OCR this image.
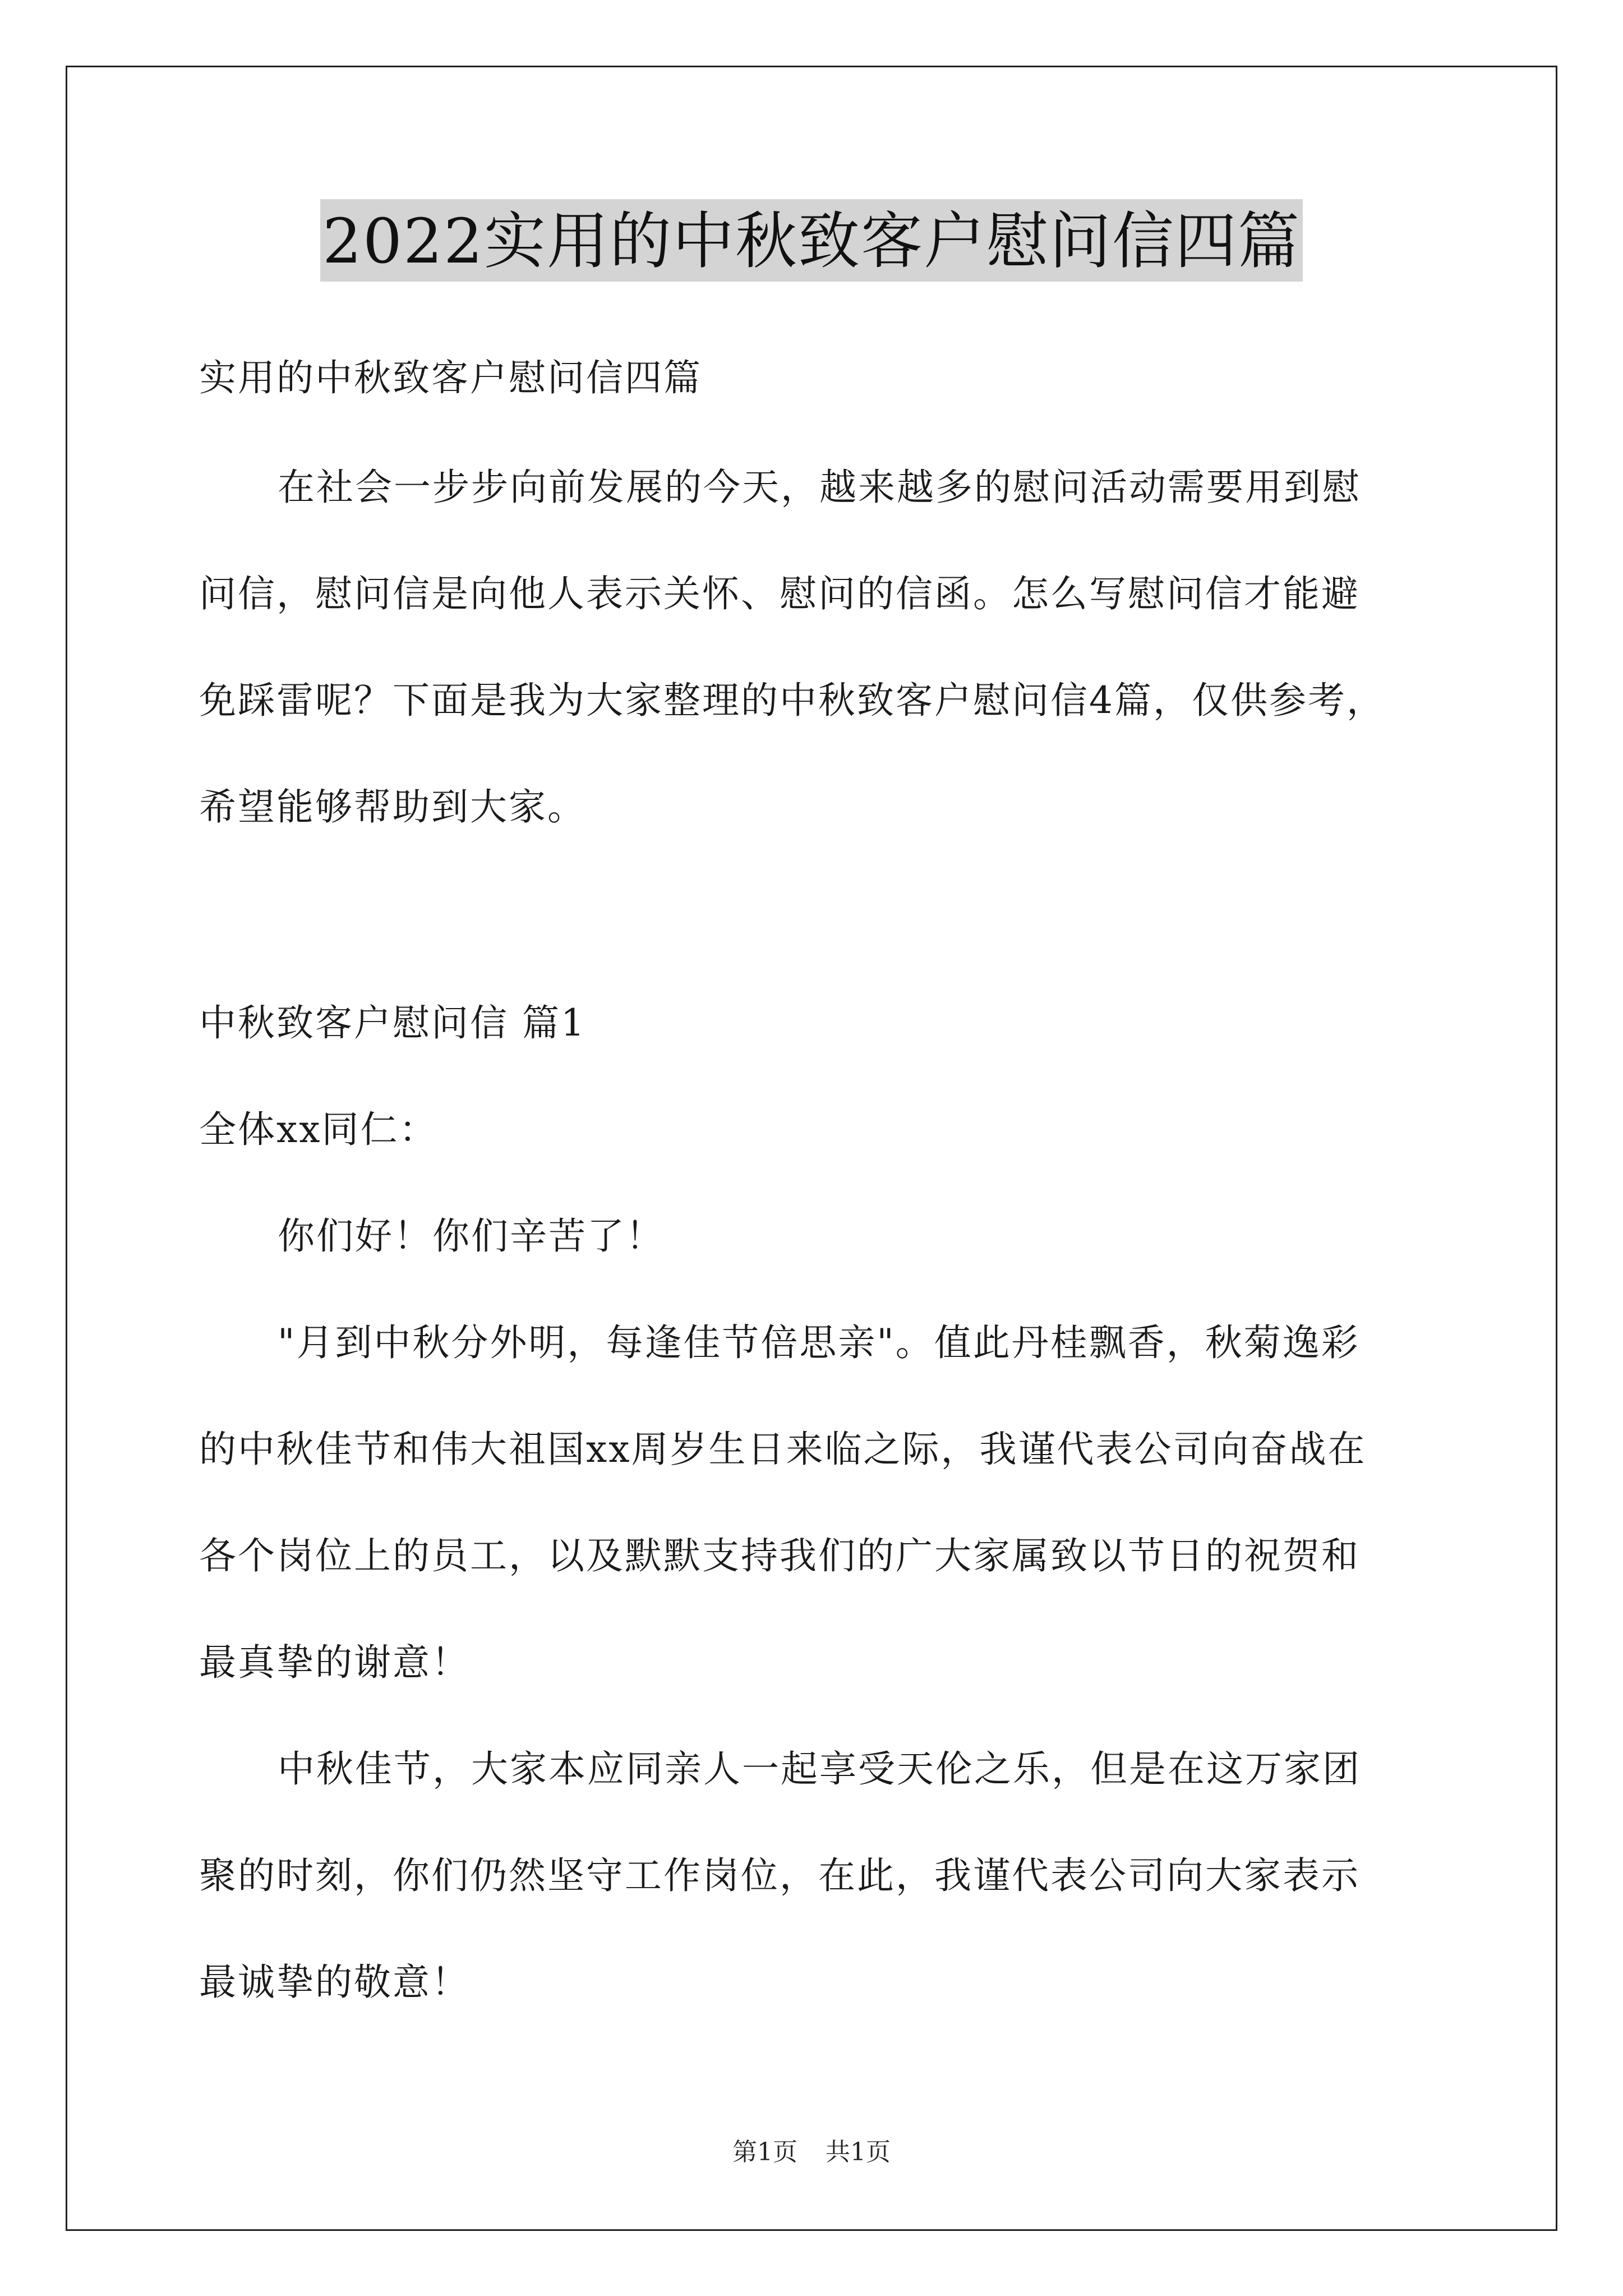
2022实用的中秋致客户慰问信四篇
实用的中秋致客户慰问信四篇
在社会一步步向前发展的今天，越来越多的慰问活动需要用到慰
问信，慰问信是向他人表示关怀、慰问的信函。怎么写慰问信才能避
免踩雷呢？下面是我为大家整理的中秋致客户慰问信4篇，仅供参考，
希望能够帮助到大家。
中秋致客户慰问信 篇1
全体xx同仁：
你们好！你们辛苦了！
"月到中秋分外明，每逢佳节倍思亲"。值此丹桂飘香，秋菊逸彩
的中秋佳节和伟大祖国xx周岁生日来临之际，我谨代表公司向奋战在
各个岗位上的员工，以及默默支持我们的广大家属致以节日的祝贺和
最真挚的谢意！
中秋佳节，大家本应同亲人一起享受天伦之乐，但是在这万家团
聚的时刻，你们仍然坚守工作岗位，在此，我谨代表公司向大家表示
最诚挚的敬意！
第1页 共1页
